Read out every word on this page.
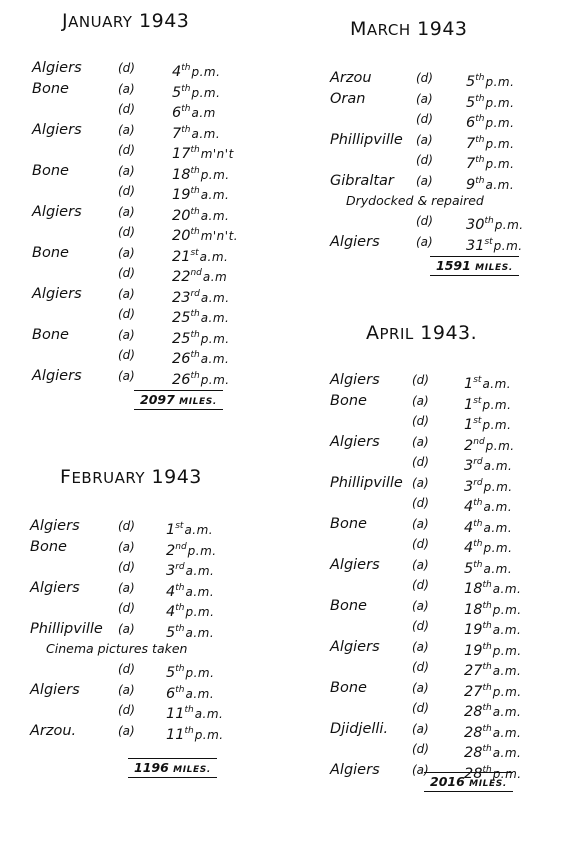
JANUARY 1943
Algiers	(d)	4thp.m.
Bone	(a)	5thp.m.
(d)	6tha.m
Algiers	(a)	7tha.m.
(d)	17thm'n't
Bone	(a)	18thp.m.
(d)	19tha.m.
Algiers	(a)	20tha.m.
(d)	20thm'n't.
Bone	(a)	21sta.m.
(d)	22nda.m
Algiers	(a)	23rda.m.
(d)	25tha.m.
Bone	(a)	25thp.m.
(d)	26tha.m.
Algiers	(a)	26thp.m.
2097 MILES.
FEBRUARY 1943
Algiers	(d) 1sta.m.
Bone	(a) 2ndp.m.
(d) 3rda.m.
Algiers	(a) 4tha.m.
(d) 4thp.m.
Phillipville (a) 5tha.m.
Cinema pictures taken
(d) 5thp.m.
Algiers	(a) 6tha.m.
(d) 11tha.m.
Arzou.	(a) 11thp.m.
1196 MILES.
MARCH 1943
Arzou	(d) 5thp.m.
Oran	(a) 5thp.m.
(d) 6thp.m.
Phillipville (a) 7thp.m.
(d) 7thp.m.
Gibraltar (a) 9tha.m.
Drydocked & repaired
(d) 30thp.m.
Algiers	(a) 31stp.m.
1591 MILES.
APRIL 1943.
Algiers	(d) 1sta.m.
Bone	(a) 1stp.m.
(d) 1stp.m.
Algiers	(a) 2ndp.m.
(d) 3rda.m.
Phillipville (a) 3rdp.m.
(d) 4tha.m.
Bone	(a) 4tha.m.
(d) 4thp.m.
Algiers	(a) 5tha.m.
(d) 18tha.m.
Bone	(a) 18thp.m.
(d) 19tha.m.
Algiers	(a) 19thp.m.
(d) 27tha.m.
Bone	(a) 27thp.m.
(d) 28tha.m.
Djidjelli. (a) 28tha.m.
(d) 28tha.m.
Algiers	(a) 28thp.m.
2016 MILES.
